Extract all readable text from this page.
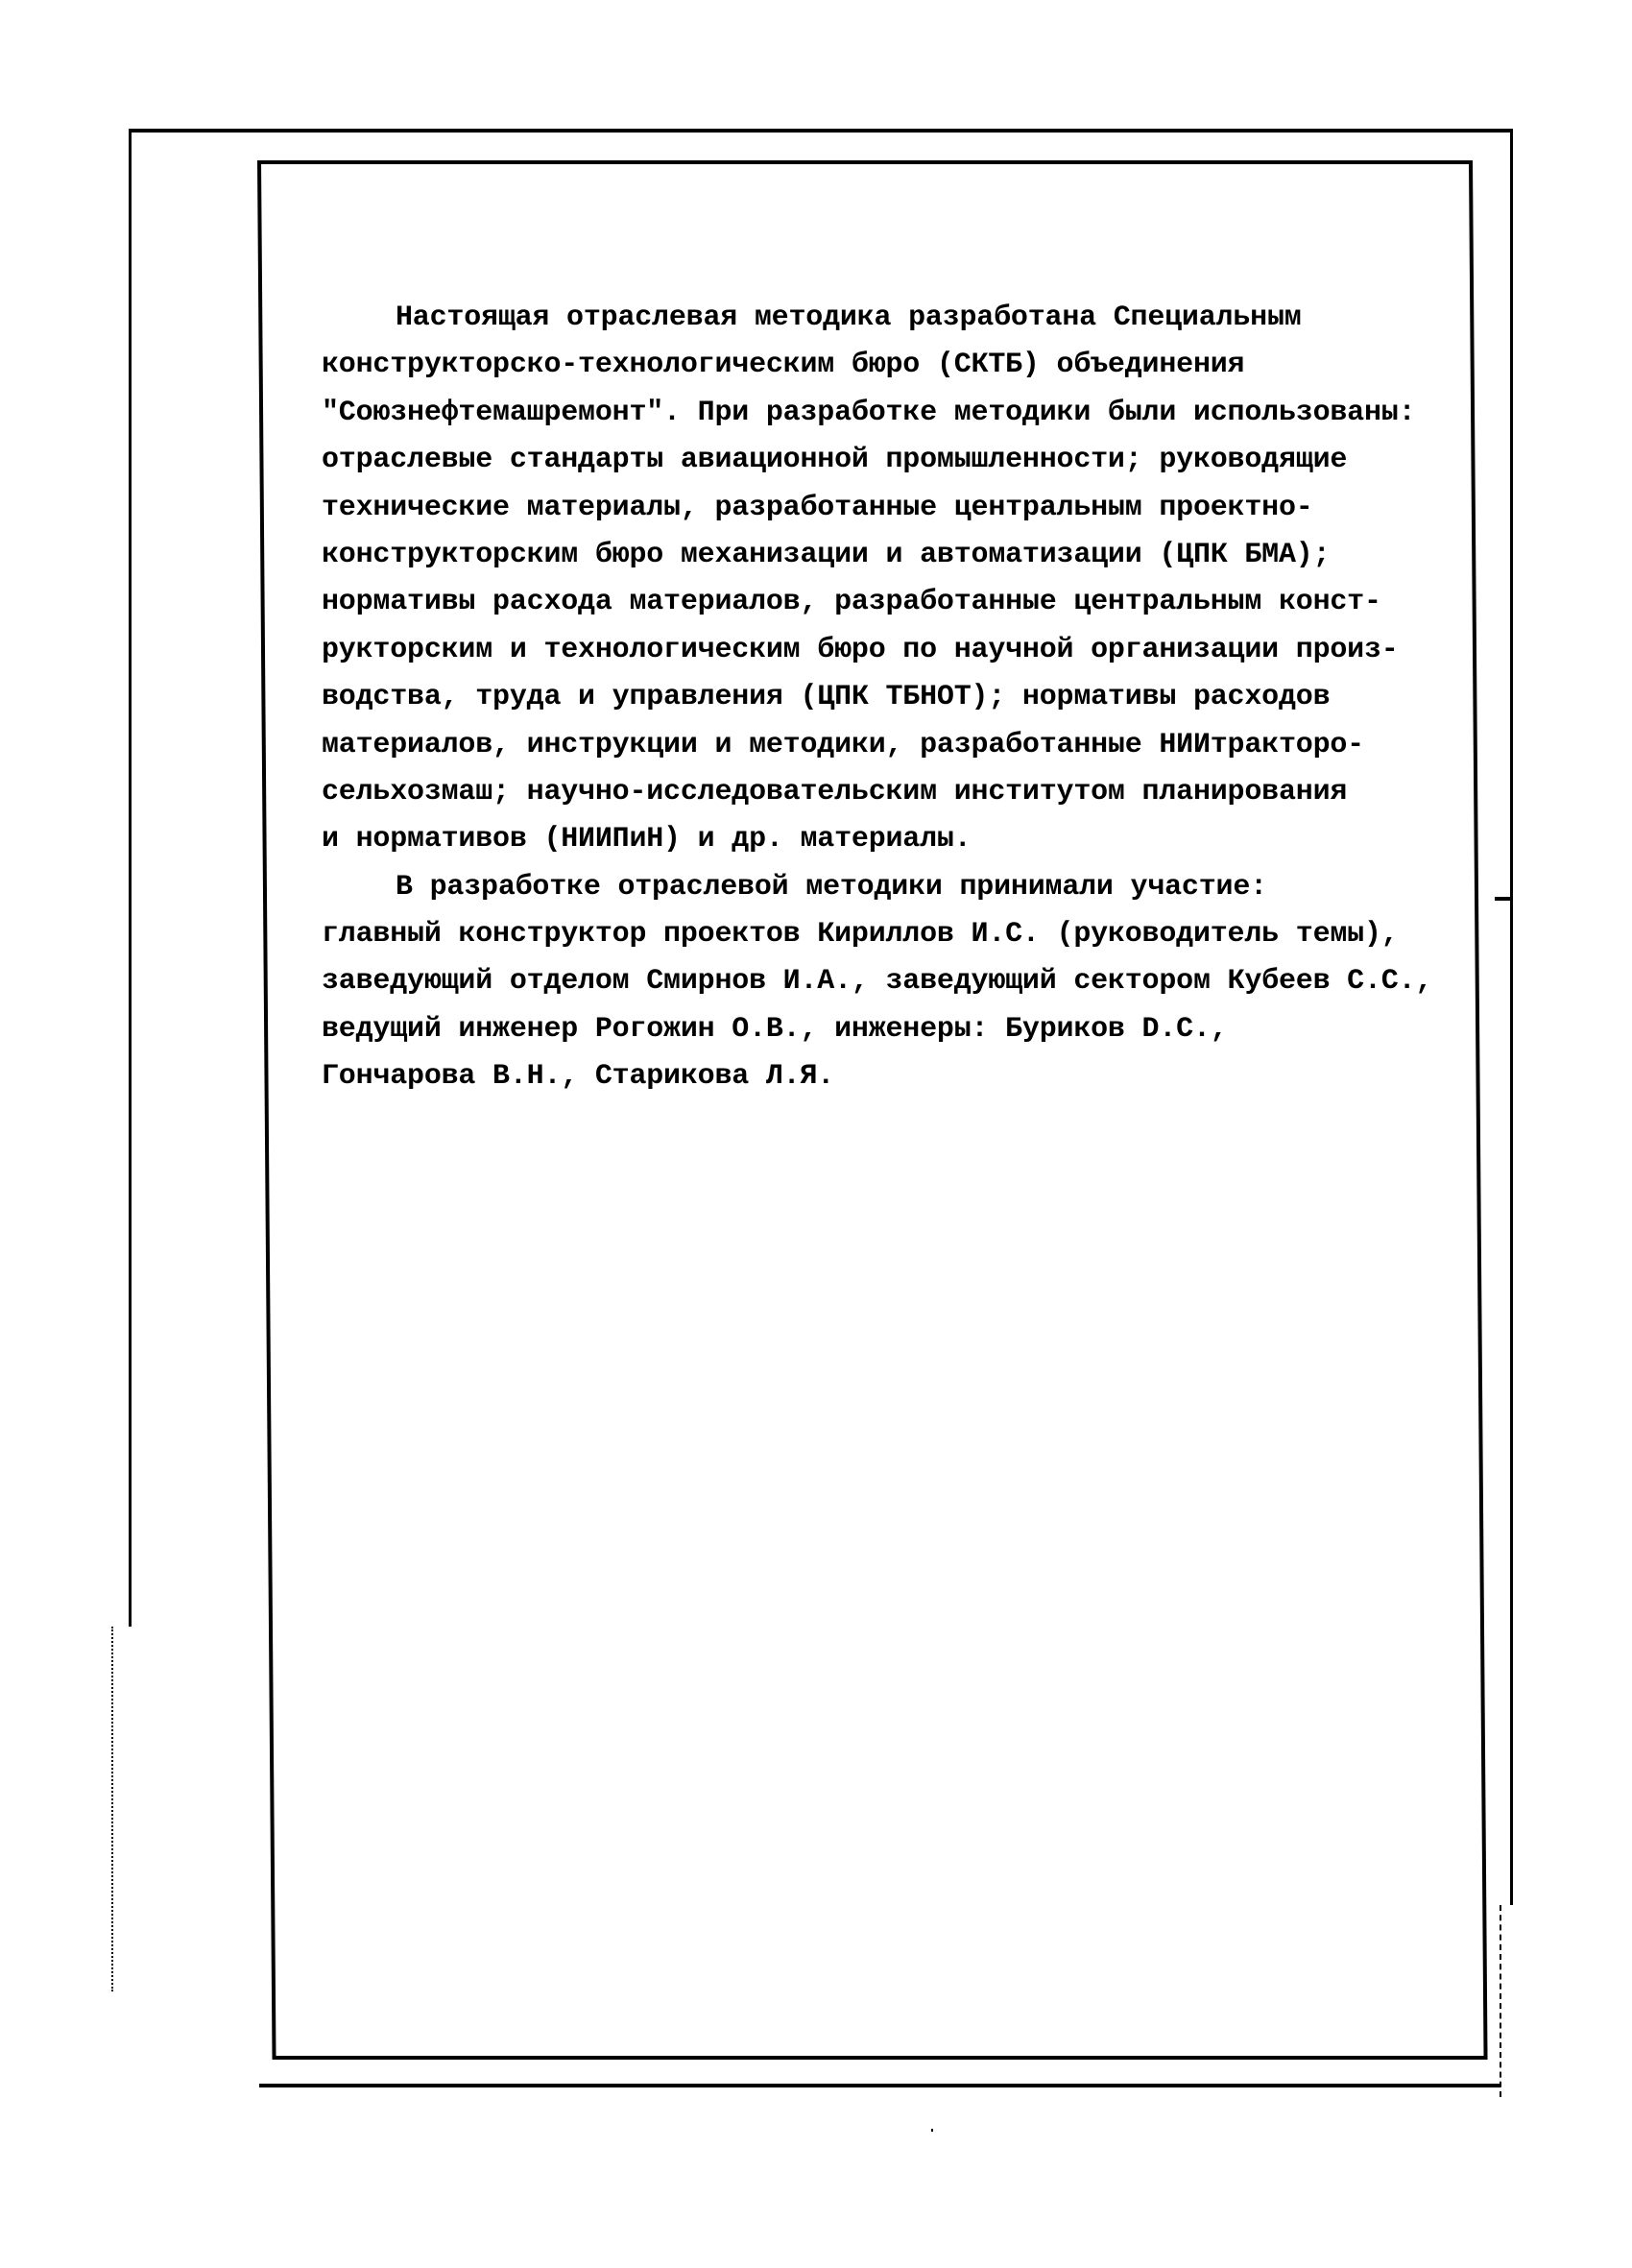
Настоящая отраслевая методика разработана Специальным
конструкторско-технологическим бюро (СКТБ) объединения
"Союзнефтемашремонт". При разработке методики были использованы:
отраслевые стандарты авиационной промышленности; руководящие
технические материалы, разработанные центральным проектно-
конструкторским бюро механизации и автоматизации (ЦПК БМА);
нормативы расхода материалов, разработанные центральным конст-
рукторским и технологическим бюро по научной организации произ-
водства, труда и управления (ЦПК ТБНОТ); нормативы расходов
материалов, инструкции и методики, разработанные НИИтракторо-
сельхозмаш; научно-исследовательским институтом планирования
и нормативов (НИИПиН) и др. материалы.
В разработке отраслевой методики принимали участие:
главный конструктор проектов Кириллов И.С. (руководитель темы),
заведующий отделом Смирнов И.А., заведующий сектором Кубеев С.С.,
ведущий инженер Рогожин О.В., инженеры: Буриков D.С.,
Гончарова В.Н., Старикова Л.Я.
